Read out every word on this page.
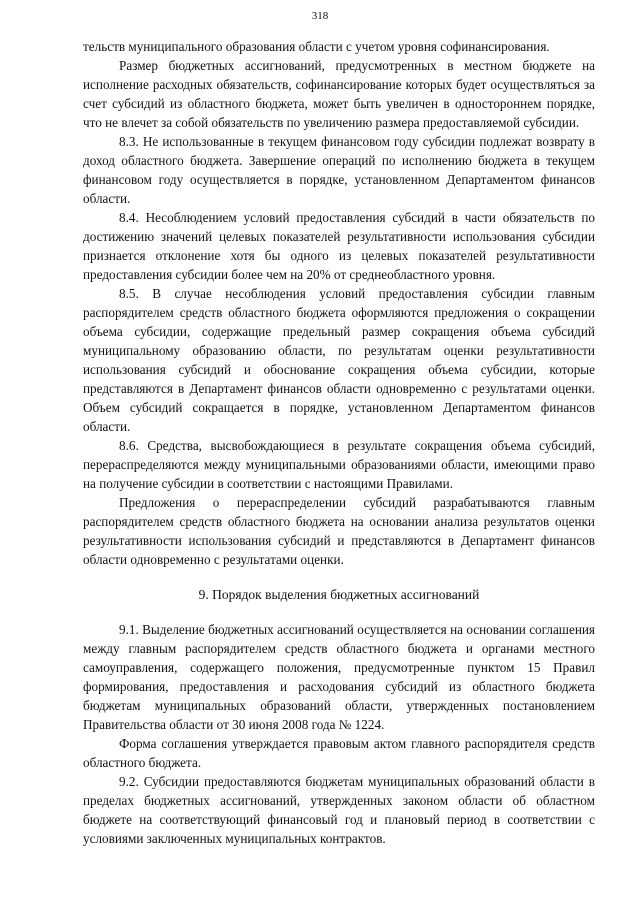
318

тельств муниципального образования области с учетом уровня софинансирования.

Размер бюджетных ассигнований, предусмотренных в местном бюджете на исполнение расходных обязательств, софинансирование которых будет осуществляться за счет субсидий из областного бюджета, может быть увеличен в одностороннем порядке, что не влечет за собой обязательств по увеличению размера предоставляемой субсидии.

8.3. Не использованные в текущем финансовом году субсидии подлежат возврату в доход областного бюджета. Завершение операций по исполнению бюджета в текущем финансовом году осуществляется в порядке, установленном Департаментом финансов области.

8.4. Несоблюдением условий предоставления субсидий в части обязательств по достижению значений целевых показателей результативности использования субсидии признается отклонение хотя бы одного из целевых показателей результативности предоставления субсидии более чем на 20% от среднеобластного уровня.

8.5. В случае несоблюдения условий предоставления субсидии главным распорядителем средств областного бюджета оформляются предложения о сокращении объема субсидии, содержащие предельный размер сокращения объема субсидий муниципальному образованию области, по результатам оценки результативности использования субсидий и обоснование сокращения объема субсидии, которые представляются в Департамент финансов области одновременно с результатами оценки. Объем субсидий сокращается в порядке, установленном Департаментом финансов области.

8.6. Средства, высвобождающиеся в результате сокращения объема субсидий, перераспределяются между муниципальными образованиями области, имеющими право на получение субсидии в соответствии с настоящими Правилами.

Предложения о перераспределении субсидий разрабатываются главным распорядителем средств областного бюджета на основании анализа результатов оценки результативности использования субсидий и представляются в Департамент финансов области одновременно с результатами оценки.

9. Порядок выделения бюджетных ассигнований

9.1. Выделение бюджетных ассигнований осуществляется на основании соглашения между главным распорядителем средств областного бюджета и органами местного самоуправления, содержащего положения, предусмотренные пунктом 15 Правил формирования, предоставления и расходования субсидий из областного бюджета бюджетам муниципальных образований области, утвержденных постановлением Правительства области от 30 июня 2008 года № 1224.

Форма соглашения утверждается правовым актом главного распорядителя средств областного бюджета.

9.2. Субсидии предоставляются бюджетам муниципальных образований области в пределах бюджетных ассигнований, утвержденных законом области об областном бюджете на соответствующий финансовый год и плановый период в соответствии с условиями заключенных муниципальных контрактов.
